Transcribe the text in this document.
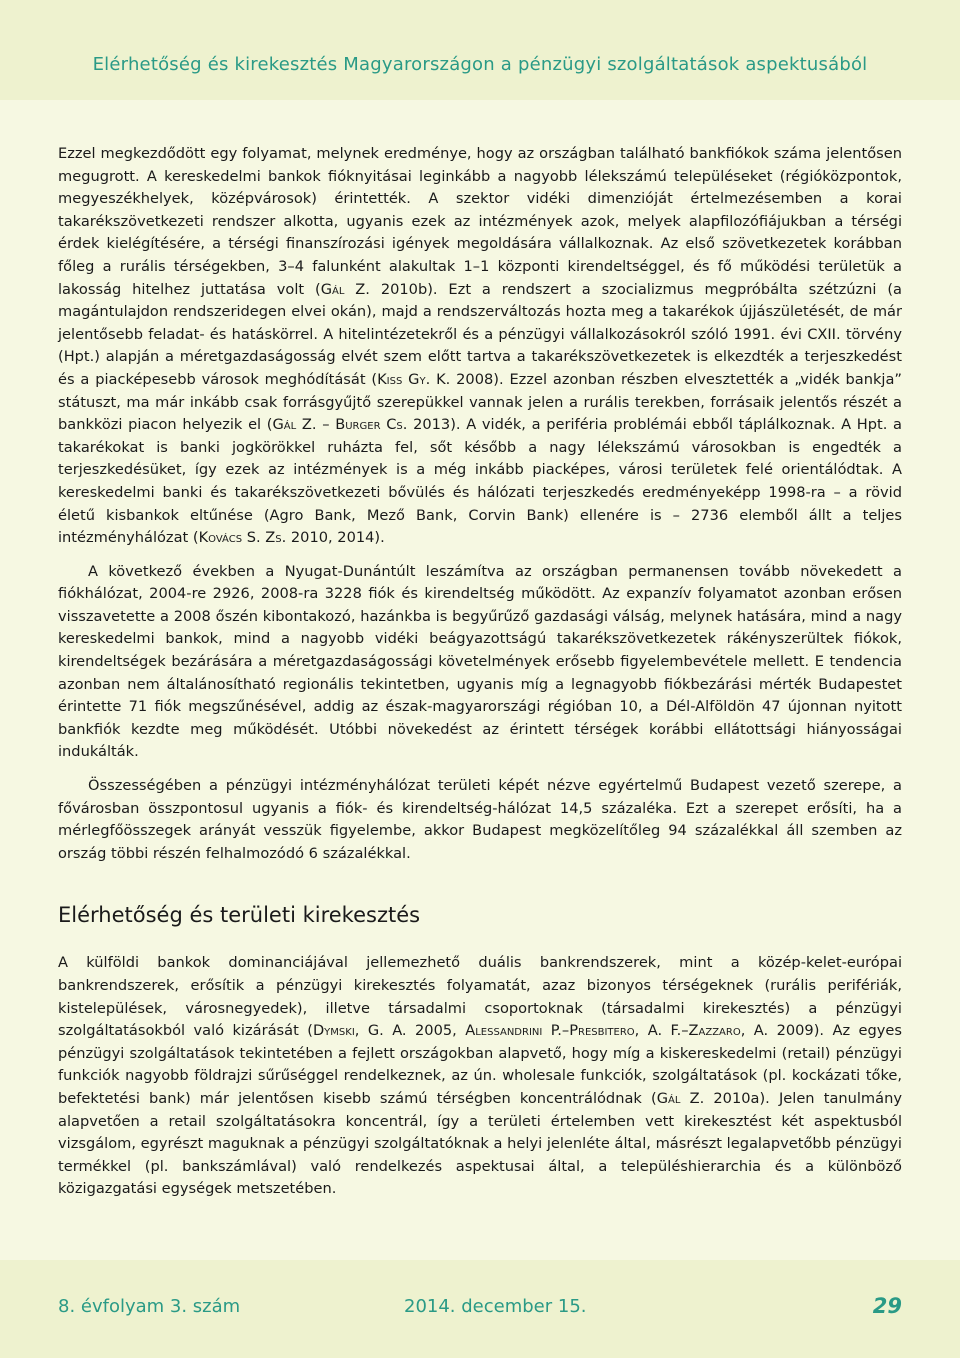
Elérhetőség és kirekesztés Magyarországon a pénzügyi szolgáltatások aspektusából

Ezzel megkezdődött egy folyamat, melynek eredménye, hogy az országban található bankfiókok száma jelentősen megugrott. A kereskedelmi bankok fióknyitásai leginkább a nagyobb lélekszámú településeket (régióközpontok, megyeszékhelyek, középvárosok) érintették. A szektor vidéki dimenzióját értelmezésemben a korai takarékszövetkezeti rendszer alkotta, ugyanis ezek az intézmények azok, melyek alapfilozófiájukban a térségi érdek kielégítésére, a térségi finanszírozási igények megoldására vállalkoznak. Az első szövetkezetek korábban főleg a rurális térségekben, 3–4 falunként alakultak 1–1 központi kirendeltséggel, és fő működési területük a lakosság hitelhez juttatása volt (Gál Z. 2010b). Ezt a rendszert a szocializmus megpróbálta szétzúzni (a magántulajdon rendszeridegen elvei okán), majd a rendszerváltozás hozta meg a takarékok újjászületését, de már jelentősebb feladat- és hatáskörrel. A hitelintézetekről és a pénzügyi vállalkozásokról szóló 1991. évi CXII. törvény (Hpt.) alapján a méretgazdaságosság elvét szem előtt tartva a takarékszövetkezetek is elkezdték a terjeszkedést és a piacképesebb városok meghódítását (Kiss Gy. K. 2008). Ezzel azonban részben elvesztették a „vidék bankja” státuszt, ma már inkább csak forrásgyűjtő szerepükkel vannak jelen a rurális terekben, forrásaik jelentős részét a bankközi piacon helyezik el (Gál Z. – Burger Cs. 2013). A vidék, a periféria problémái ebből táplálkoznak. A Hpt. a takarékokat is banki jogkörökkel ruházta fel, sőt később a nagy lélekszámú városokban is engedték a terjeszkedésüket, így ezek az intézmények is a még inkább piacképes, városi területek felé orientálódtak. A kereskedelmi banki és takarékszövetkezeti bővülés és hálózati terjeszkedés eredményeképp 1998-ra – a rövid életű kisbankok eltűnése (Agro Bank, Mező Bank, Corvin Bank) ellenére is – 2736 elemből állt a teljes intézményhálózat (Kovács S. Zs. 2010, 2014).

A következő években a Nyugat-Dunántúlt leszámítva az országban permanensen tovább növekedett a fiókhálózat, 2004-re 2926, 2008-ra 3228 fiók és kirendeltség működött. Az expanzív folyamatot azonban erősen visszavetette a 2008 őszén kibontakozó, hazánkba is begyűrűző gazdasági válság, melynek hatására, mind a nagy kereskedelmi bankok, mind a nagyobb vidéki beágyazottságú takarékszövetkezetek rákényszerültek fiókok, kirendeltségek bezárására a méretgazdaságossági követelmények erősebb figyelembevétele mellett. E tendencia azonban nem általánosítható regionális tekintetben, ugyanis míg a legnagyobb fiókbezárási mérték Budapestet érintette 71 fiók megszűnésével, addig az észak-magyarországi régióban 10, a Dél-Alföldön 47 újonnan nyitott bankfiók kezdte meg működését. Utóbbi növekedést az érintett térségek korábbi ellátottsági hiányosságai indukálták.

Összességében a pénzügyi intézményhálózat területi képét nézve egyértelmű Budapest vezető szerepe, a fővárosban összpontosul ugyanis a fiók- és kirendeltség-hálózat 14,5 százaléka. Ezt a szerepet erősíti, ha a mérlegfőösszegek arányát vesszük figyelembe, akkor Budapest megközelítőleg 94 százalékkal áll szemben az ország többi részén felhalmozódó 6 százalékkal.

Elérhetőség és területi kirekesztés

A külföldi bankok dominanciájával jellemezhető duális bankrendszerek, mint a közép-kelet-európai bankrendszerek, erősítik a pénzügyi kirekesztés folyamatát, azaz bizonyos térségeknek (rurális perifériák, kistelepülések, városnegyedek), illetve társadalmi csoportoknak (társadalmi kirekesztés) a pénzügyi szolgáltatásokból való kizárását (Dymski, G. A. 2005, Alessandrini P.–Presbitero, A. F.–Zazzaro, A. 2009). Az egyes pénzügyi szolgáltatások tekintetében a fejlett országokban alapvető, hogy míg a kiskereskedelmi (retail) pénzügyi funkciók nagyobb földrajzi sűrűséggel rendelkeznek, az ún. wholesale funkciók, szolgáltatások (pl. kockázati tőke, befektetési bank) már jelentősen kisebb számú térségben koncentrálódnak (Gál Z. 2010a). Jelen tanulmány alapvetően a retail szolgáltatásokra koncentrál, így a területi értelemben vett kirekesztést két aspektusból vizsgálom, egyrészt maguknak a pénzügyi szolgáltatóknak a helyi jelenléte által, másrészt legalapvetőbb pénzügyi termékkel (pl. bankszámlával) való rendelkezés aspektusai által, a településhierarchia és a különböző közigazgatási egységek metszetében.

8. évfolyam 3. szám	2014. december 15.	29
